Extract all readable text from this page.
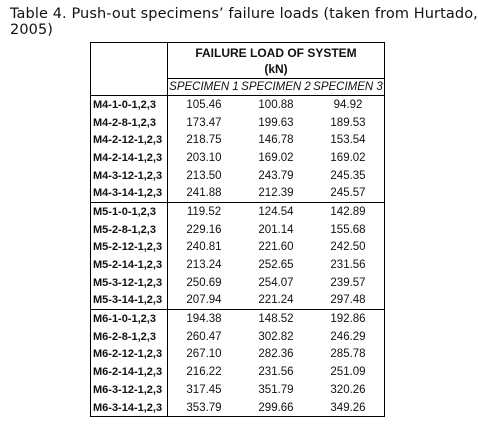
Table 4. Push-out specimens’ failure loads (taken from Hurtado, 2005)

	FAILURE LOAD OF SYSTEM
(kN)		

	SPECIMEN 1	SPECIMEN 2	SPECIMEN 3
M4-1-0-1,2,3	105.46	100.88	94.92
M4-2-8-1,2,3	173.47	199.63	189.53
M4-2-12-1,2,3	218.75	146.78	153.54
M4-2-14-1,2,3	203.10	169.02	169.02
M4-3-12-1,2,3	213.50	243.79	245.35
M4-3-14-1,2,3	241.88	212.39	245.57
M5-1-0-1,2,3	119.52	124.54	142.89
M5-2-8-1,2,3	229.16	201.14	155.68
M5-2-12-1,2,3	240.81	221.60	242.50
M5-2-14-1,2,3	213.24	252.65	231.56
M5-3-12-1,2,3	250.69	254.07	239.57
M5-3-14-1,2,3	207.94	221.24	297.48
M6-1-0-1,2,3	194.38	148.52	192.86
M6-2-8-1,2,3	260.47	302.82	246.29
M6-2-12-1,2,3	267.10	282.36	285.78
M6-2-14-1,2,3	216.22	231.56	251.09
M6-3-12-1,2,3	317.45	351.79	320.26
M6-3-14-1,2,3	353.79	299.66	349.26
